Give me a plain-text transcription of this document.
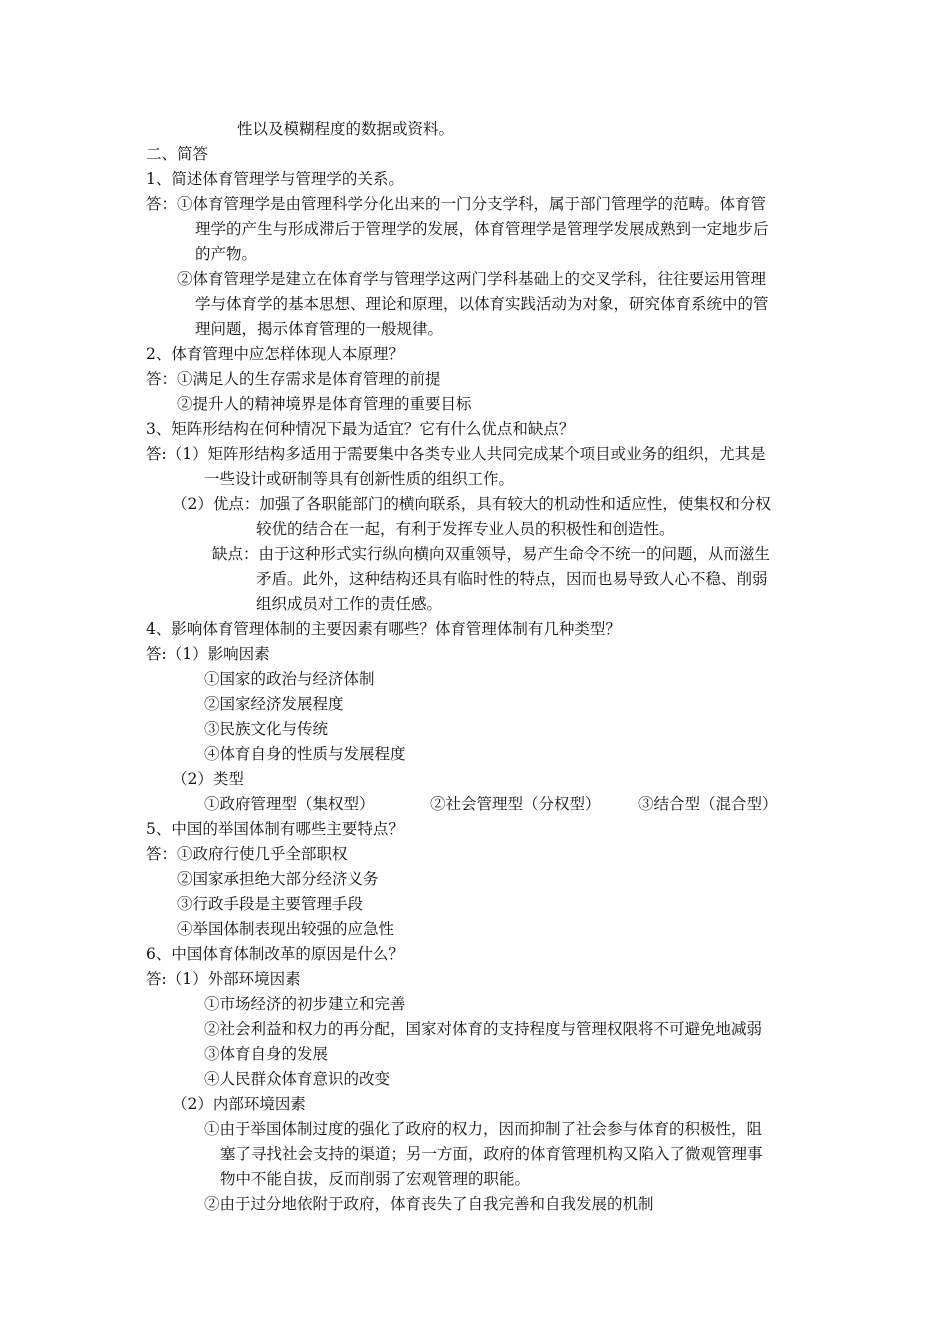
性以及模糊程度的数据或资料。
二、简答
1、简述体育管理学与管理学的关系。
答：①体育管理学是由管理科学分化出来的一门分支学科，属于部门管理学的范畴。体育管
理学的产生与形成滞后于管理学的发展，体育管理学是管理学发展成熟到一定地步后
的产物。
②体育管理学是建立在体育学与管理学这两门学科基础上的交叉学科，往往要运用管理
学与体育学的基本思想、理论和原理，以体育实践活动为对象，研究体育系统中的管
理问题，揭示体育管理的一般规律。
2、体育管理中应怎样体现人本原理？
答：①满足人的生存需求是体育管理的前提
②提升人的精神境界是体育管理的重要目标
3、矩阵形结构在何种情况下最为适宜？它有什么优点和缺点？
答:（1）矩阵形结构多适用于需要集中各类专业人共同完成某个项目或业务的组织，尤其是
一些设计或研制等具有创新性质的组织工作。
（2）优点：加强了各职能部门的横向联系，具有较大的机动性和适应性，使集权和分权
较优的结合在一起，有利于发挥专业人员的积极性和创造性。
缺点：由于这种形式实行纵向横向双重领导，易产生命令不统一的问题，从而滋生
矛盾。此外，这种结构还具有临时性的特点，因而也易导致人心不稳、削弱
组织成员对工作的责任感。
4、影响体育管理体制的主要因素有哪些？体育管理体制有几种类型？
答:（1）影响因素
①国家的政治与经济体制
②国家经济发展程度
③民族文化与传统
④体育自身的性质与发展程度
（2）类型
①政府管理型（集权型）	②社会管理型（分权型） ③结合型（混合型）
5、中国的举国体制有哪些主要特点？
答：①政府行使几乎全部职权
②国家承担绝大部分经济义务
③行政手段是主要管理手段
④举国体制表现出较强的应急性
6、中国体育体制改革的原因是什么？
答:（1）外部环境因素
①市场经济的初步建立和完善
②社会利益和权力的再分配，国家对体育的支持程度与管理权限将不可避免地减弱
③体育自身的发展
④人民群众体育意识的改变
（2）内部环境因素
①由于举国体制过度的强化了政府的权力，因而抑制了社会参与体育的积极性，阻
塞了寻找社会支持的渠道；另一方面，政府的体育管理机构又陷入了微观管理事
物中不能自拔，反而削弱了宏观管理的职能。
②由于过分地依附于政府，体育丧失了自我完善和自我发展的机制
